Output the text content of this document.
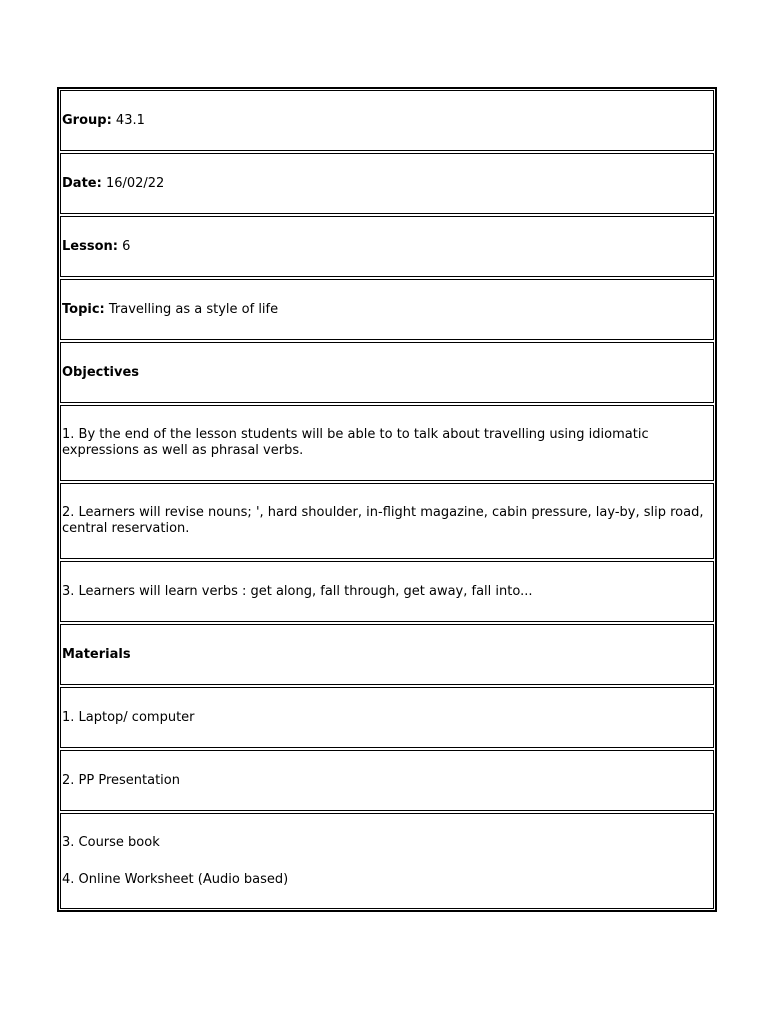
Group: 43.1
Date: 16/02/22
Lesson: 6
Topic: Travelling as a style of life
Objectives
1. By the end of the lesson students will be able to to talk about travelling using idiomatic expressions as well as phrasal verbs.
2. Learners will revise nouns; ', hard shoulder, in-flight magazine, cabin pressure, lay-by, slip road, central reservation.
3. Learners will learn verbs : get along, fall through, get away, fall into...
Materials
1. Laptop/ computer
2. PP Presentation
3. Course book
4. Online Worksheet (Audio based)
